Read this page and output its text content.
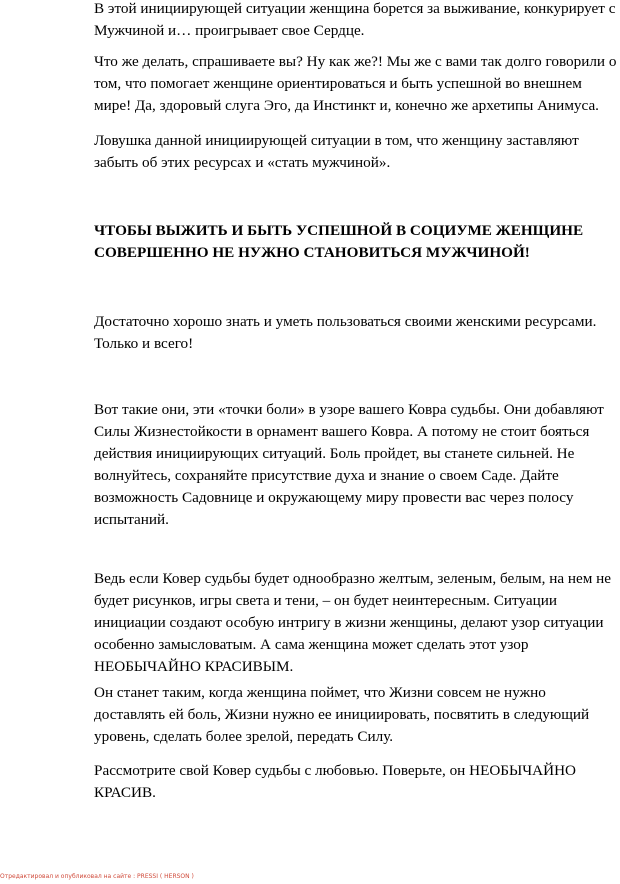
В этой инициирующей ситуации женщина борется за выживание, конкурирует с
Мужчиной и… проигрывает свое Сердце.

Что же делать, спрашиваете вы? Ну как же?! Мы же с вами так долго говорили о
том, что помогает женщине ориентироваться и быть успешной во внешнем
мире! Да, здоровый слуга Эго, да Инстинкт и, конечно же архетипы Анимуса.

Ловушка данной инициирующей ситуации в том, что женщину заставляют
забыть об этих ресурсах и «стать мужчиной».

ЧТОБЫ ВЫЖИТЬ И БЫТЬ УСПЕШНОЙ В СОЦИУМЕ ЖЕНЩИНЕ
СОВЕРШЕННО НЕ НУЖНО СТАНОВИТЬСЯ МУЖЧИНОЙ!

Достаточно хорошо знать и уметь пользоваться своими женскими ресурсами.
Только и всего!

Вот такие они, эти «точки боли» в узоре вашего Ковра судьбы. Они добавляют
Силы Жизнестойкости в орнамент вашего Ковра. А потому не стоит бояться
действия инициирующих ситуаций. Боль пройдет, вы станете сильней. Не
волнуйтесь, сохраняйте присутствие духа и знание о своем Саде. Дайте
возможность Садовнице и окружающему миру провести вас через полосу
испытаний.

Ведь если Ковер судьбы будет однообразно желтым, зеленым, белым, на нем не
будет рисунков, игры света и тени, – он будет неинтересным. Ситуации
инициации создают особую интригу в жизни женщины, делают узор ситуации
особенно замысловатым. А сама женщина может сделать этот узор
НЕОБЫЧАЙНО КРАСИВЫМ.

Он станет таким, когда женщина поймет, что Жизни совсем не нужно
доставлять ей боль, Жизни нужно ее инициировать, посвятить в следующий
уровень, сделать более зрелой, передать Силу.

Рассмотрите свой Ковер судьбы с любовью. Поверьте, он НЕОБЫЧАЙНО
КРАСИВ.

Отредактировал и опубликовал на сайте : PRESSI ( HERSON )
